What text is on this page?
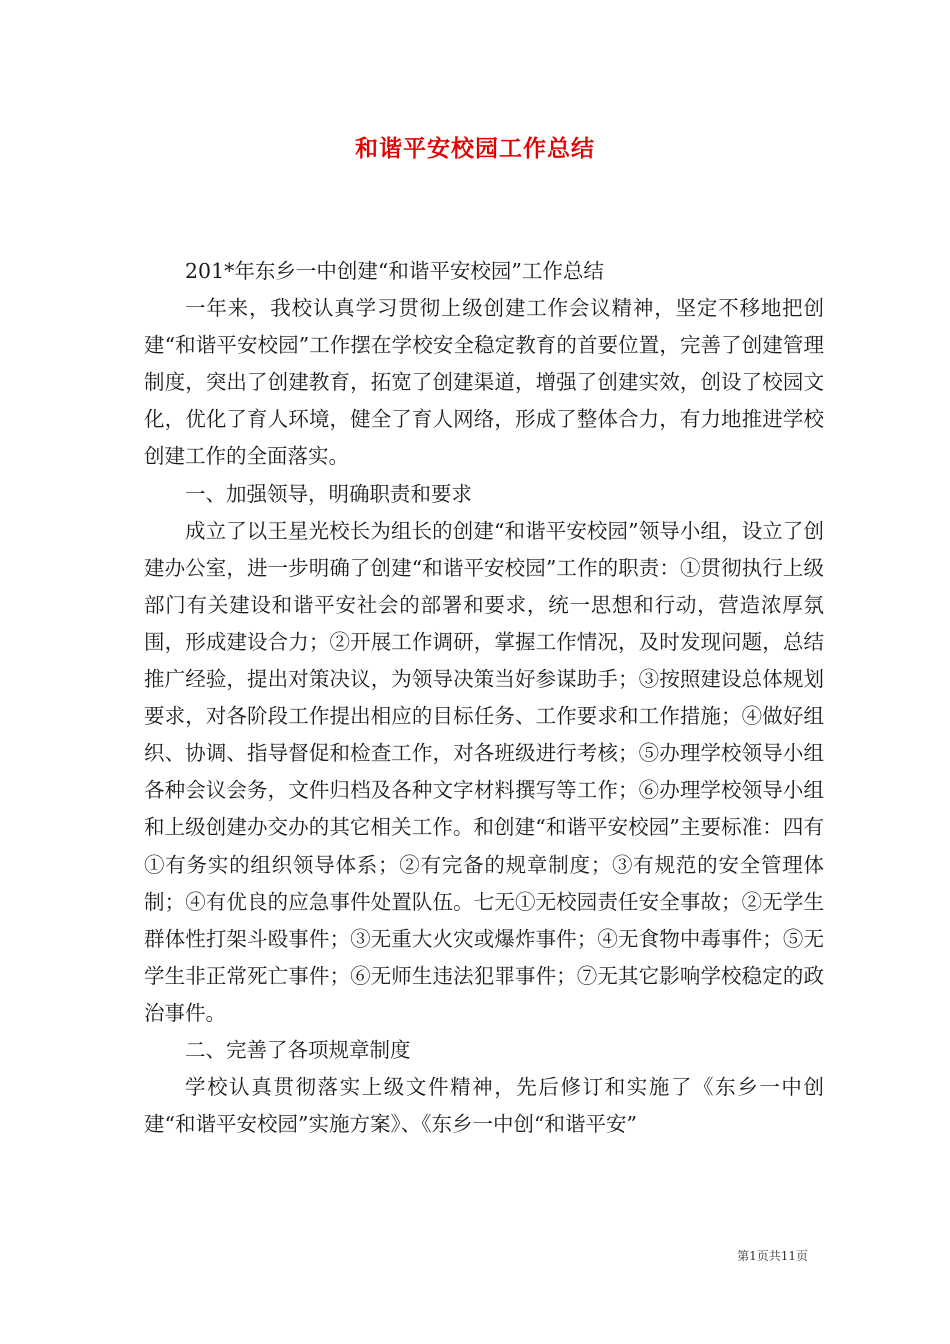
和谐平安校园工作总结

201*年东乡一中创建“和谐平安校园”工作总结

一年来，我校认真学习贯彻上级创建工作会议精神，坚定不移地把创建“和谐平安校园”工作摆在学校安全稳定教育的首要位置，完善了创建管理制度，突出了创建教育，拓宽了创建渠道，增强了创建实效，创设了校园文化，优化了育人环境，健全了育人网络，形成了整体合力，有力地推进学校创建工作的全面落实。

一、加强领导，明确职责和要求

成立了以王星光校长为组长的创建“和谐平安校园”领导小组，设立了创建办公室，进一步明确了创建“和谐平安校园”工作的职责：①贯彻执行上级部门有关建设和谐平安社会的部署和要求，统一思想和行动，营造浓厚氛围，形成建设合力；②开展工作调研，掌握工作情况，及时发现问题，总结推广经验，提出对策决议，为领导决策当好参谋助手；③按照建设总体规划要求，对各阶段工作提出相应的目标任务、工作要求和工作措施；④做好组织、协调、指导督促和检查工作，对各班级进行考核；⑤办理学校领导小组各种会议会务，文件归档及各种文字材料撰写等工作；⑥办理学校领导小组和上级创建办交办的其它相关工作。和创建“和谐平安校园”主要标准：四有①有务实的组织领导体系；②有完备的规章制度；③有规范的安全管理体制；④有优良的应急事件处置队伍。七无①无校园责任安全事故；②无学生群体性打架斗殴事件；③无重大火灾或爆炸事件；④无食物中毒事件；⑤无学生非正常死亡事件；⑥无师生违法犯罪事件；⑦无其它影响学校稳定的政治事件。

二、完善了各项规章制度

学校认真贯彻落实上级文件精神，先后修订和实施了《东乡一中创建“和谐平安校园”实施方案》、《东乡一中创“和谐平安”

第1页共11页
